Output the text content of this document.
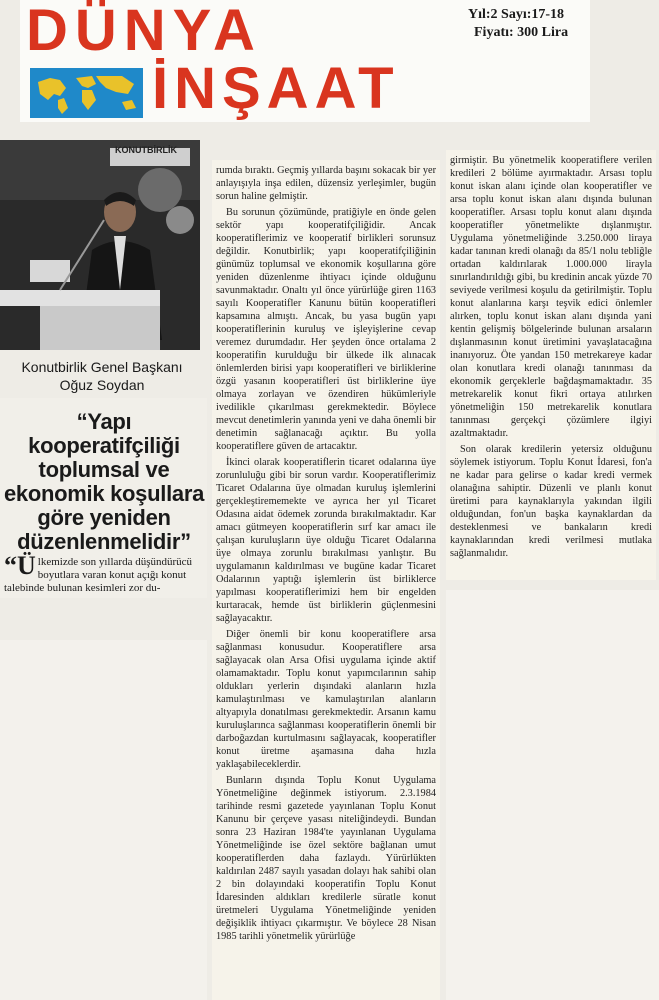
DÜNYA
İNŞAAT
Yıl:2 Sayı:17-18
Fiyatı: 300 Lira
KONUTBİRLİK
Konutbirlik Genel Başkanı Oğuz Soydan
“Yapı kooperatifçiliği toplumsal ve ekonomik koşullara göre yeniden düzenlenmelidir”
“Ü lkemizde son yıllarda düşündürücü boyutlara varan konut açığı konut talebinde bulunan kesimleri zor du-

rumda bıraktı. Geçmiş yıllarda başını sokacak bir yer anlayışıyla inşa edilen, düzensiz yerleşimler, bugün sorun haline gelmiştir.

Bu sorunun çözümünde, pratiğiyle en önde gelen sektör yapı kooperatifçiliğidir. Ancak kooperatiflerimiz ve kooperatif birlikleri sorunsuz değildir. Konutbirlik; yapı kooperatifçiliğinin günümüz toplumsal ve ekonomik koşullarına göre yeniden düzenlenme ihtiyacı içinde olduğunu savunmaktadır. Onaltı yıl önce yürürlüğe giren 1163 sayılı Kooperatifler Kanunu bütün kooperatifleri kapsamına almıştı. Ancak, bu yasa bugün yapı kooperatiflerinin kuruluş ve işleyişlerine cevap veremez durumdadır. Her şeyden önce ortalama 2 kooperatifin kurulduğu bir ülkede ilk alınacak önlemlerden birisi yapı kooperatifleri ve birliklerine özgü yasanın kooperatifleri üst birliklerine üye olmaya zorlayan ve özendiren hükümleriyle ivedilikle çıkarılması gerekmektedir. Böylece mevcut denetimlerin yanında yeni ve daha önemli bir denetimin sağlanacağı açıktır. Bu yolla kooperatiflere güven de artacaktır.

İkinci olarak kooperatiflerin ticaret odalarına üye zorunluluğu gibi bir sorun vardır. Kooperatiflerimiz Ticaret Odalarına üye olmadan kuruluş işlemlerini gerçekleştirememekte ve ayrıca her yıl Ticaret Odasına aidat ödemek zorunda bırakılmaktadır. Kar amacı gütmeyen kooperatiflerin sırf kar amacı ile çalışan kuruluşların üye olduğu Ticaret Odalarına üye olmaya zorunlu bırakılması yanlıştır. Bu uygulamanın kaldırılması ve bugüne kadar Ticaret Odalarının yaptığı işlemlerin üst birliklerce yapılması kooperatiflerimizi hem bir engelden kurtaracak, hemde üst birliklerin güçlenmesini sağlayacaktır.

Diğer önemli bir konu kooperatiflere arsa sağlanması konusudur. Kooperatiflere arsa sağlayacak olan Arsa Ofisi uygulama içinde aktif olamamaktadır. Toplu konut yapımcılarının sahip oldukları yerlerin dışındaki alanların hızla kamulaştırılması ve kamulaştırılan alanların altyapıyla donatılması gerekmektedir. Arsanın kamu kuruluşlarınca sağlanması kooperatiflerin önemli bir darboğazdan kurtulmasını sağlayacak, kooperatifler konut üretme aşamasına daha hızla yaklaşabileceklerdir.

Bunların dışında Toplu Konut Uygulama Yönetmeliğine değinmek istiyorum. 2.3.1984 tarihinde resmi gazetede yayınlanan Toplu Konut Kanunu bir çerçeve yasası niteliğindeydi. Bundan sonra 23 Haziran 1984'te yayınlanan Uygulama Yönetmeliğinde ise özel sektöre bağlanan umut kooperatiflerden daha fazlaydı. Yürürlükten kaldırılan 2487 sayılı yasadan dolayı hak sahibi olan 2 bin dolayındaki kooperatifin Toplu Konut İdaresinden aldıkları kredilerle süratle konut üretmeleri Uygulama Yönetmeliğinde yeniden değişiklik ihtiyacı çıkarmıştır. Ve böylece 28 Nisan 1985 tarihli yönetmelik yürürlüğe

girmiştir. Bu yönetmelik kooperatiflere verilen kredileri 2 bölüme ayırmaktadır. Arsası toplu konut iskan alanı içinde olan kooperatifler ve arsa toplu konut iskan alanı dışında bulunan kooperatifler. Arsası toplu konut alanı dışında kooperatifler yönetmelikte dışlanmıştır. Uygulama yönetmeliğinde 3.250.000 liraya kadar tanınan kredi olanağı da 85/1 nolu tebliğle ortadan kaldırılarak 1.000.000 lirayla sınırlandırıldığı gibi, bu kredinin ancak yüzde 70 seviyede verilmesi koşulu da getirilmiştir. Toplu konut alanlarına karşı teşvik edici önlemler alırken, toplu konut iskan alanı dışında yani kentin gelişmiş bölgelerinde bulunan arsaların dışlanmasının konut üretimini yavaşlatacağına inanıyoruz. Öte yandan 150 metrekareye kadar olan konutlara kredi olanağı tanınması da ekonomik gerçeklerle bağdaşmamaktadır. 35 metrekarelik konut fikri ortaya atılırken yönetmeliğin 150 metrekarelik konutlara tanınması gerçekçi çözümlere ilgiyi azaltmaktadır.

Son olarak kredilerin yetersiz olduğunu söylemek istiyorum. Toplu Konut İdaresi, fon'a ne kadar para gelirse o kadar kredi vermek olanağına sahiptir. Düzenli ve planlı konut üretimi para kaynaklarıyla yakından ilgili olduğundan, fon'un başka kaynaklardan da desteklenmesi ve bankaların kredi kaynaklarından kredi verilmesi mutlaka sağlanmalıdır.
